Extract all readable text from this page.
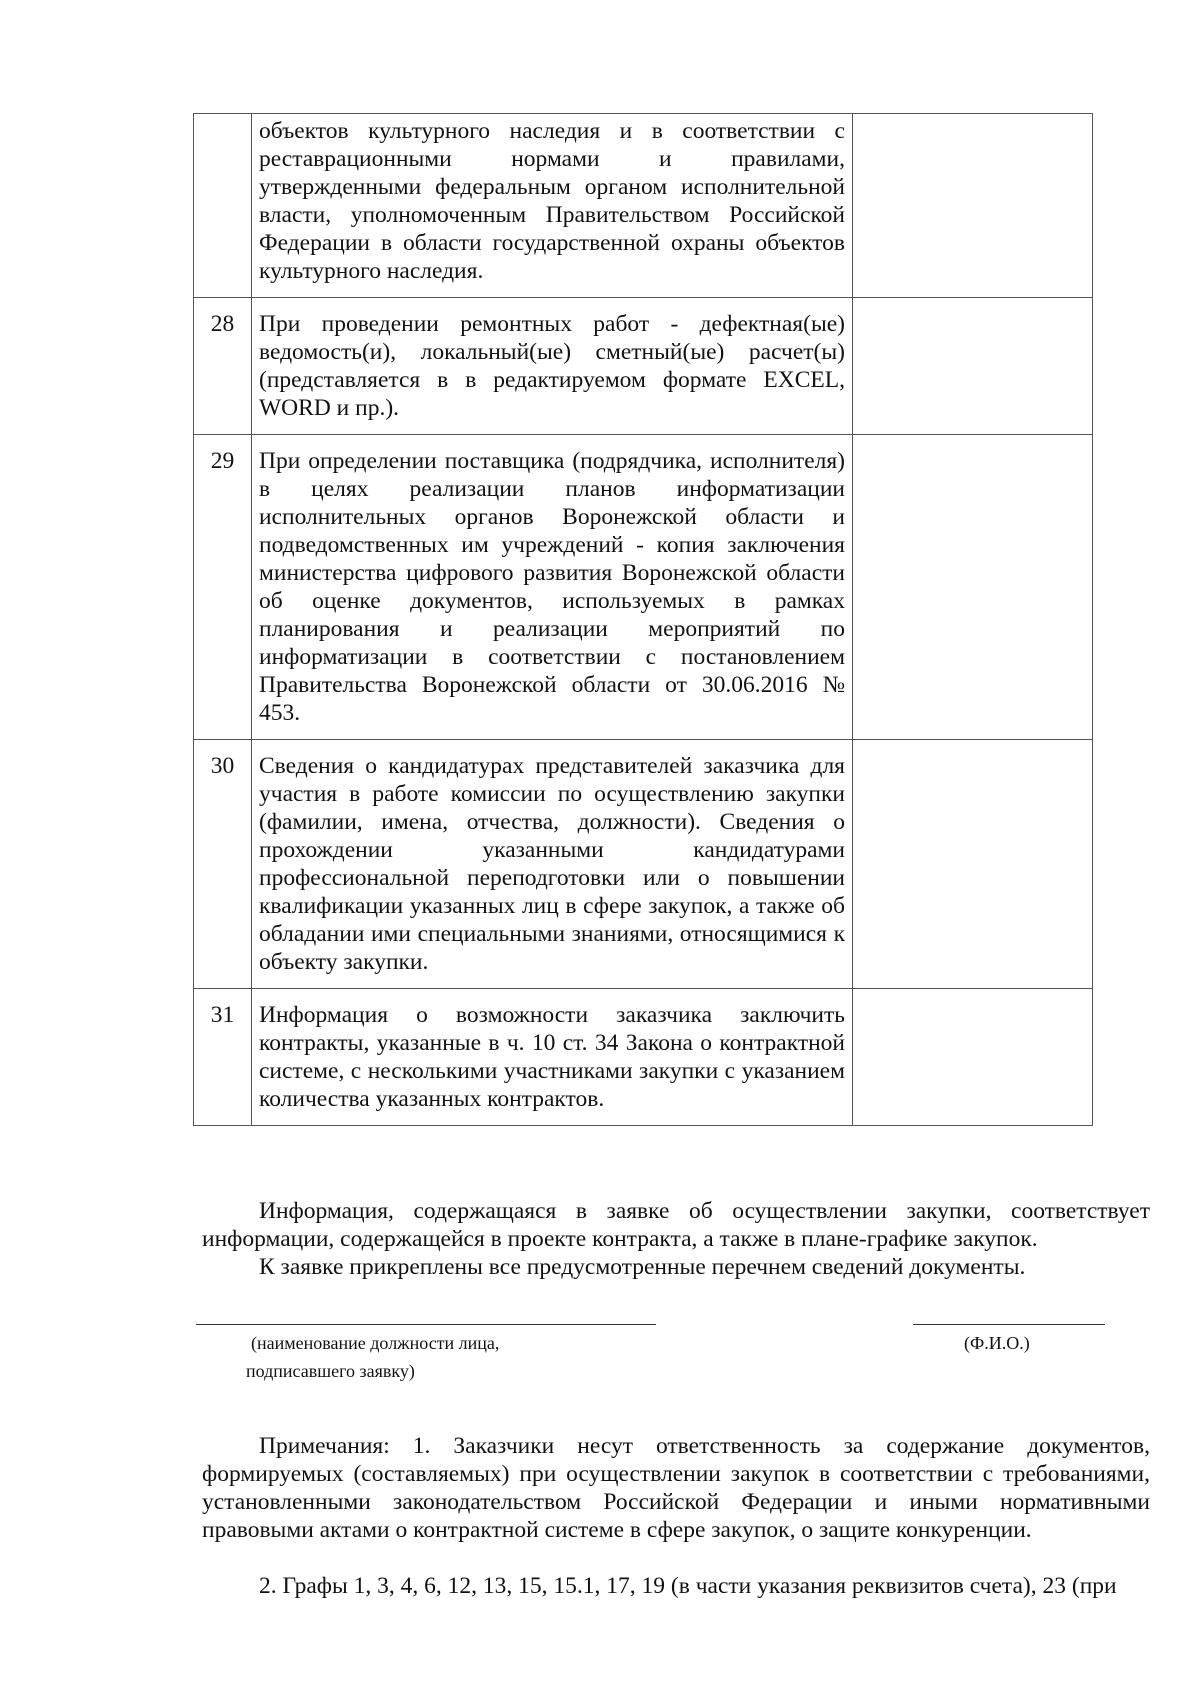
	объектов культурного наследия и в соответствии с реставрационными нормами и правилами, утвержденными федеральным органом исполнительной власти, уполномоченным Правительством Российской Федерации в области государственной охраны объектов культурного наследия.	
28	При проведении ремонтных работ - дефектная(ые) ведомость(и), локальный(ые) сметный(ые) расчет(ы) (представляется в в редактируемом формате EXCEL, WORD и пр.).	
29	При определении поставщика (подрядчика, исполнителя) в целях реализации планов информатизации исполнительных органов Воронежской области и подведомственных им учреждений - копия заключения министерства цифрового развития Воронежской области об оценке документов, используемых в рамках планирования и реализации мероприятий по информатизации в соответствии с постановлением Правительства Воронежской области от 30.06.2016 № 453.	
30	Сведения о кандидатурах представителей заказчика для участия в работе комиссии по осуществлению закупки (фамилии, имена, отчества, должности). Сведения о прохождении указанными кандидатурами профессиональной переподготовки или о повышении квалификации указанных лиц в сфере закупок, а также об обладании ими специальными знаниями, относящимися к объекту закупки.	
31	Информация о возможности заказчика заключить контракты, указанные в ч. 10 ст. 34 Закона о контрактной системе, с несколькими участниками закупки с указанием количества указанных контрактов.	
Информация, содержащаяся в заявке об осуществлении закупки, соответствует информации, содержащейся в проекте контракта, а также в плане-графике закупок.
К заявке прикреплены все предусмотренные перечнем сведений документы.
(наименование должности лица,
подписавшего заявку)
(Ф.И.О.)
Примечания: 1. Заказчики несут ответственность за содержание документов, формируемых (составляемых) при осуществлении закупок в соответствии с требованиями, установленными законодательством Российской Федерации и иными нормативными правовыми актами о контрактной системе в сфере закупок, о защите конкуренции.
2. Графы 1, 3, 4, 6, 12, 13, 15, 15.1, 17, 19 (в части указания реквизитов счета), 23 (при
